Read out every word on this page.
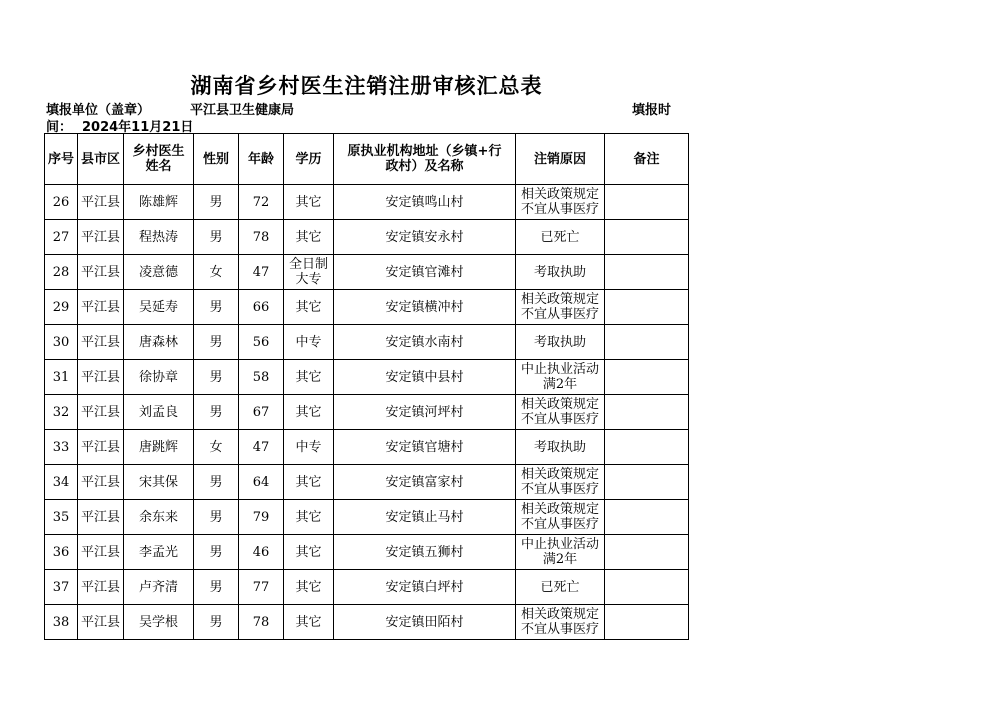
湖南省乡村医生注销注册审核汇总表
填报单位（盖章）	平江县卫生健康局	填报时
间： 2024年11月21日
序号	县市区	乡村医生
姓名	性别	年龄	学历	原执业机构地址（乡镇+行
政村）及名称	注销原因	备注
26	平江县	陈雄辉	男	72	其它	安定镇鸣山村	相关政策规定
不宜从事医疗	
27	平江县	程热涛	男	78	其它	安定镇安永村	已死亡	
28	平江县	凌意德	女	47	全日制
大专	安定镇官滩村	考取执助	
29	平江县	吴延寿	男	66	其它	安定镇横冲村	相关政策规定
不宜从事医疗	
30	平江县	唐森林	男	56	中专	安定镇水南村	考取执助	
31	平江县	徐协章	男	58	其它	安定镇中县村	中止执业活动
满2年	
32	平江县	刘孟良	男	67	其它	安定镇河坪村	相关政策规定
不宜从事医疗	
33	平江县	唐跳辉	女	47	中专	安定镇官塘村	考取执助	
34	平江县	宋其保	男	64	其它	安定镇富家村	相关政策规定
不宜从事医疗	
35	平江县	余东来	男	79	其它	安定镇止马村	相关政策规定
不宜从事医疗	
36	平江县	李孟光	男	46	其它	安定镇五狮村	中止执业活动
满2年	
37	平江县	卢齐清	男	77	其它	安定镇白坪村	已死亡	
38	平江县	吴学根	男	78	其它	安定镇田陌村	相关政策规定
不宜从事医疗	
